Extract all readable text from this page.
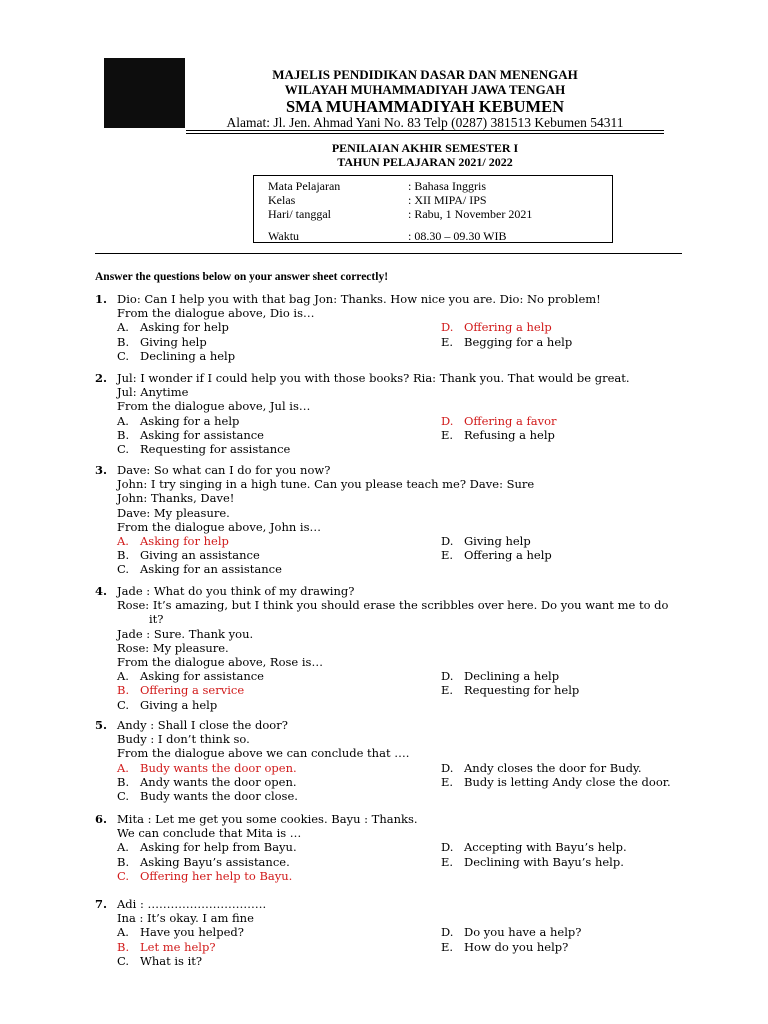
MAJELIS PENDIDIKAN DASAR DAN MENENGAH
WILAYAH MUHAMMADIYAH JAWA TENGAH
SMA MUHAMMADIYAH KEBUMEN
Alamat: Jl. Jen. Ahmad Yani No. 83 Telp (0287) 381513 Kebumen 54311
PENILAIAN AKHIR SEMESTER I
TAHUN PELAJARAN 2021/ 2022
Mata Pelajaran	: Bahasa Inggris
Kelas	: XII MIPA/ IPS
Hari/ tanggal	: Rabu, 1 November 2021
Waktu	: 08.30 – 09.30 WIB
Answer the questions below on your answer sheet correctly!
1. Dio: Can I help you with that bag Jon: Thanks. How nice you are. Dio: No problem!
From the dialogue above, Dio is…
A. Asking for help
B. Giving help
C. Declining a help
D. Offering a help
E. Begging for a help
2. Jul: I wonder if I could help you with those books? Ria: Thank you. That would be great.
Jul: Anytime
From the dialogue above, Jul is…
A. Asking for a help
B. Asking for assistance
C. Requesting for assistance
D. Offering a favor
E. Refusing a help
3. Dave: So what can I do for you now?
John: I try singing in a high tune. Can you please teach me? Dave: Sure
John: Thanks, Dave!
Dave: My pleasure.
From the dialogue above, John is…
A. Asking for help
B. Giving an assistance
C. Asking for an assistance
D. Giving help
E. Offering a help
4. Jade : What do you think of my drawing?
Rose: It’s amazing, but I think you should erase the scribbles over here. Do you want me to do
it?
Jade : Sure. Thank you.
Rose: My pleasure.
From the dialogue above, Rose is…
A. Asking for assistance
B. Offering a service
C. Giving a help
D. Declining a help
E. Requesting for help
5. Andy : Shall I close the door?
Budy : I don’t think so.
From the dialogue above we can conclude that ….
A. Budy wants the door open.
B. Andy wants the door open.
C. Budy wants the door close.
D. Andy closes the door for Budy.
E. Budy is letting Andy close the door.
6. Mita : Let me get you some cookies. Bayu : Thanks.
We can conclude that Mita is …
A. Asking for help from Bayu.
B. Asking Bayu’s assistance.
C. Offering her help to Bayu.
D. Accepting with Bayu’s help.
E. Declining with Bayu’s help.
7. Adi : ………………………….
Ina : It’s okay. I am fine
A. Have you helped?
B. Let me help?
C. What is it?
D. Do you have a help?
E. How do you help?
